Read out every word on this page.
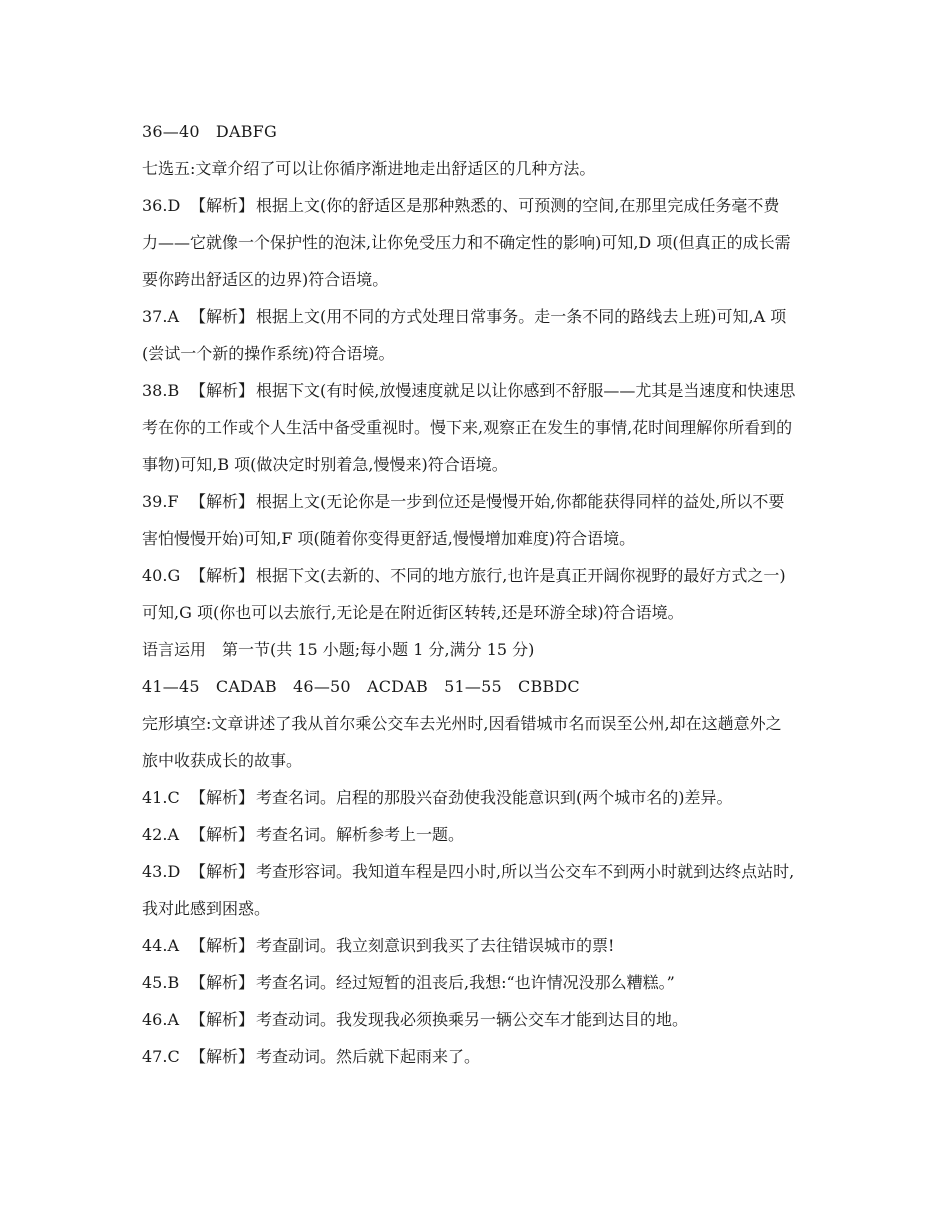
36—40　DABFG
七选五:文章介绍了可以让你循序渐进地走出舒适区的几种方法。
36.D 【解析】 根据上文(你的舒适区是那种熟悉的、可预测的空间,在那里完成任务毫不费
力——它就像一个保护性的泡沫,让你免受压力和不确定性的影响)可知,D 项(但真正的成长需
要你跨出舒适区的边界)符合语境。
37.A 【解析】 根据上文(用不同的方式处理日常事务。走一条不同的路线去上班)可知,A 项
(尝试一个新的操作系统)符合语境。
38.B 【解析】 根据下文(有时候,放慢速度就足以让你感到不舒服——尤其是当速度和快速思
考在你的工作或个人生活中备受重视时。慢下来,观察正在发生的事情,花时间理解你所看到的
事物)可知,B 项(做决定时别着急,慢慢来)符合语境。
39.F 【解析】 根据上文(无论你是一步到位还是慢慢开始,你都能获得同样的益处,所以不要
害怕慢慢开始)可知,F 项(随着你变得更舒适,慢慢增加难度)符合语境。
40.G 【解析】 根据下文(去新的、不同的地方旅行,也许是真正开阔你视野的最好方式之一)
可知,G 项(你也可以去旅行,无论是在附近街区转转,还是环游全球)符合语境。
语言运用　第一节(共 15 小题;每小题 1 分,满分 15 分)
41—45　CADAB　46—50　ACDAB　51—55　CBBDC
完形填空:文章讲述了我从首尔乘公交车去光州时,因看错城市名而误至公州,却在这趟意外之
旅中收获成长的故事。
41.C 【解析】 考查名词。启程的那股兴奋劲使我没能意识到(两个城市名的)差异。
42.A 【解析】 考查名词。解析参考上一题。
43.D 【解析】 考查形容词。我知道车程是四小时,所以当公交车不到两小时就到达终点站时,
我对此感到困惑。
44.A 【解析】 考查副词。我立刻意识到我买了去往错误城市的票!
45.B 【解析】 考查名词。经过短暂的沮丧后,我想:“也许情况没那么糟糕。”
46.A 【解析】 考查动词。我发现我必须换乘另一辆公交车才能到达目的地。
47.C 【解析】 考查动词。然后就下起雨来了。
